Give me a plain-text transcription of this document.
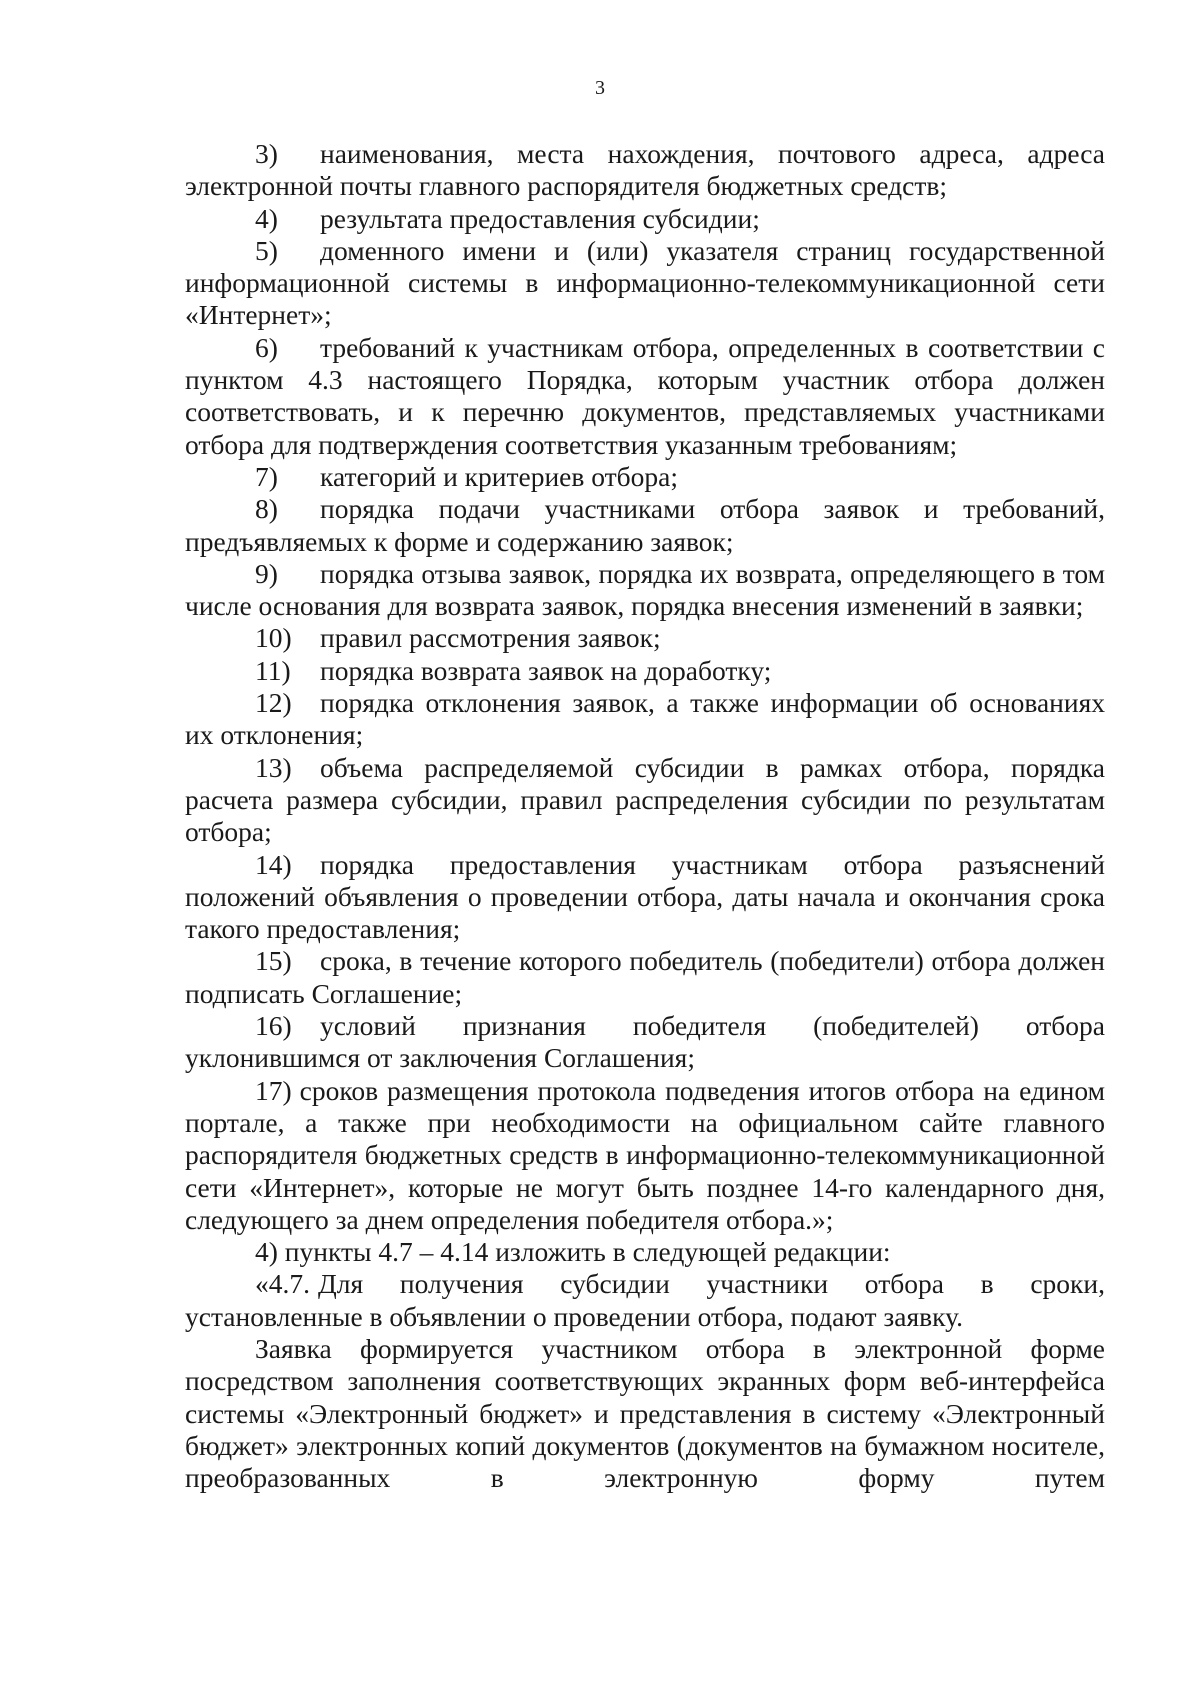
3

3) наименования, места нахождения, почтового адреса, адреса электронной почты главного распорядителя бюджетных средств;

4) результата предоставления субсидии;

5) доменного имени и (или) указателя страниц государственной информационной системы в информационно-телекоммуникационной сети «Интернет»;

6) требований к участникам отбора, определенных в соответствии с пунктом 4.3 настоящего Порядка, которым участник отбора должен соответствовать, и к перечню документов, представляемых участниками отбора для подтверждения соответствия указанным требованиям;

7) категорий и критериев отбора;

8) порядка подачи участниками отбора заявок и требований, предъявляемых к форме и содержанию заявок;

9) порядка отзыва заявок, порядка их возврата, определяющего в том числе основания для возврата заявок, порядка внесения изменений в заявки;

10) правил рассмотрения заявок;

11) порядка возврата заявок на доработку;

12) порядка отклонения заявок, а также информации об основаниях их отклонения;

13) объема распределяемой субсидии в рамках отбора, порядка расчета размера субсидии, правил распределения субсидии по результатам отбора;

14) порядка предоставления участникам отбора разъяснений положений объявления о проведении отбора, даты начала и окончания срока такого предоставления;

15) срока, в течение которого победитель (победители) отбора должен подписать Соглашение;

16) условий признания победителя (победителей) отбора уклонившимся от заключения Соглашения;

17) сроков размещения протокола подведения итогов отбора на едином портале, а также при необходимости на официальном сайте главного распорядителя бюджетных средств в информационно-телекоммуникационной сети «Интернет», которые не могут быть позднее 14-го календарного дня, следующего за днем определения победителя отбора.»;

4) пункты 4.7 – 4.14 изложить в следующей редакции:

«4.7. Для получения субсидии участники отбора в сроки, установленные в объявлении о проведении отбора, подают заявку.

Заявка формируется участником отбора в электронной форме посредством заполнения соответствующих экранных форм веб-интерфейса системы «Электронный бюджет» и представления в систему «Электронный бюджет» электронных копий документов (документов на бумажном носителе, преобразованных в электронную форму путем
